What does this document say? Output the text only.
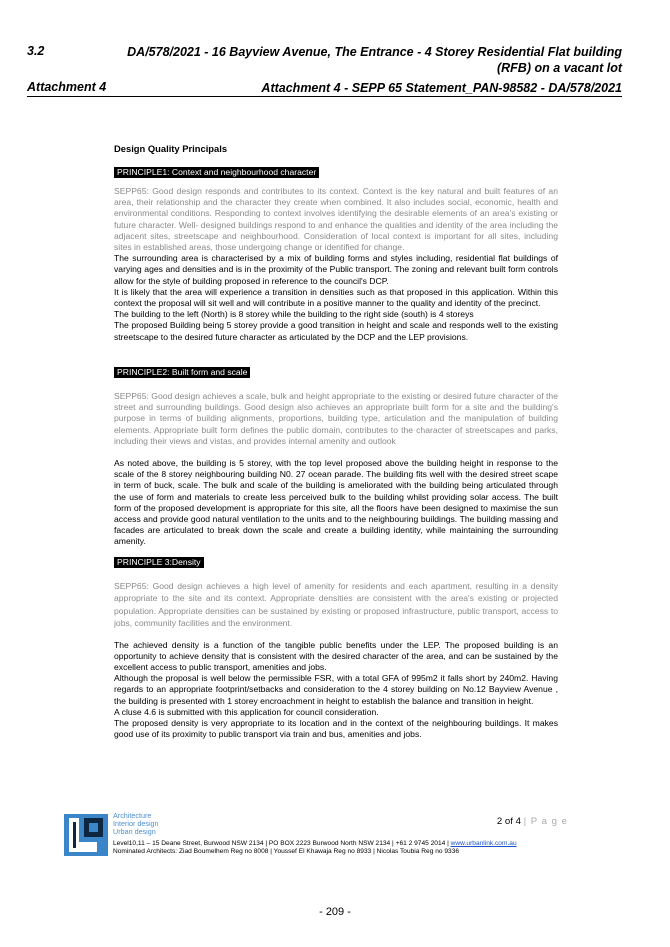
3.2	DA/578/2021 - 16 Bayview Avenue, The Entrance - 4 Storey Residential Flat building
(RFB) on a vacant lot
Attachment 4	Attachment 4 - SEPP 65 Statement_PAN-98582 - DA/578/2021
Design Quality Principals
PRINCIPLE1: Context and neighbourhood character

SEPP65: Good design responds and contributes to its context. Context is the key natural and built features of an area, their relationship and the character they create when combined. It also includes social, economic, health and environmental conditions. Responding to context involves identifying the desirable elements of an area's existing or future character. Well- designed buildings respond to and enhance the qualities and identity of the area including the adjacent sites, streetscape and neighbourhood. Consideration of local context is important for all sites, including sites in established areas, those undergoing change or identified for change.

The surrounding area is characterised by a mix of building forms and styles including, residential flat buildings of varying ages and densities and is in the proximity of the Public transport. The zoning and relevant built form controls allow for the style of building proposed in reference to the council's DCP.

It is likely that the area will experience a transition in densities such as that proposed in this application. Within this context the proposal will sit well and will contribute in a positive manner to the quality and identity of the precinct.

The building to the left (North) is 8 storey while the building to the right side (south) is 4 storeys

The proposed Building being 5 storey provide a good transition in height and scale and responds well to the existing streetscape to the desired future character as articulated by the DCP and the LEP provisions.

PRINCIPLE2: Built form and scale

SEPP65: Good design achieves a scale, bulk and height appropriate to the existing or desired future character of the street and surrounding buildings. Good design also achieves an appropriate built form for a site and the building's purpose in terms of building alignments, proportions, building type, articulation and the manipulation of building elements. Appropriate built form defines the public domain, contributes to the character of streetscapes and parks, including their views and vistas, and provides internal amenity and outlook

As noted above, the building is 5 storey, with the top level proposed above the building height in response to the scale of the 8 storey neighbouring building N0. 27 ocean parade. The building fits well with the desired street scape in term of buck, scale. The bulk and scale of the building is ameliorated with the building being articulated through the use of form and materials to create less perceived bulk to the building whilst providing solar access. The built form of the proposed development is appropriate for this site, all the floors have been designed to maximise the sun access and provide good natural ventilation to the units and to the neighbouring buildings. The building massing and facades are articulated to break down the scale and create a building identity, while maintaining the surrounding amenity.

PRINCIPLE 3:Density

SEPP65: Good design achieves a high level of amenity for residents and each apartment, resulting in a density appropriate to the site and its context. Appropriate densities are consistent with the area's existing or projected population. Appropriate densities can be sustained by existing or proposed infrastructure, public transport, access to jobs, community facilities and the environment.

The achieved density is a function of the tangible public benefits under the LEP. The proposed building is an opportunity to achieve density that is consistent with the desired character of the area, and can be sustained by the excellent access to public transport, amenities and jobs.

Although the proposal is well below the permissible FSR, with a total GFA of 995m2 it falls short by 240m2. Having regards to an appropriate footprint/setbacks and consideration to the 4 storey building on No.12 Bayview Avenue , the building is presented with 1 storey encroachment in height to establish the balance and transition in height.

A cluse 4.6 is submitted with this application for council consideration.

The proposed density is very appropriate to its location and in the context of the neighbouring buildings. It makes good use of its proximity to public transport via train and bus, amenities and jobs.

Architecture
Interior design
Urban design
2 of 4 | P a g e
Level10,11 – 15 Deane Street, Burwood NSW 2134 | PO BOX 2223 Burwood North NSW 2134 | +61 2 9745 2014 | www.urbanlink.com.au
Nominated Architects: Ziad Boumelhem Reg no 8008 | Youssef El Khawaja Reg no 8933 | Nicolas Toubia Reg no 9336
- 209 -
